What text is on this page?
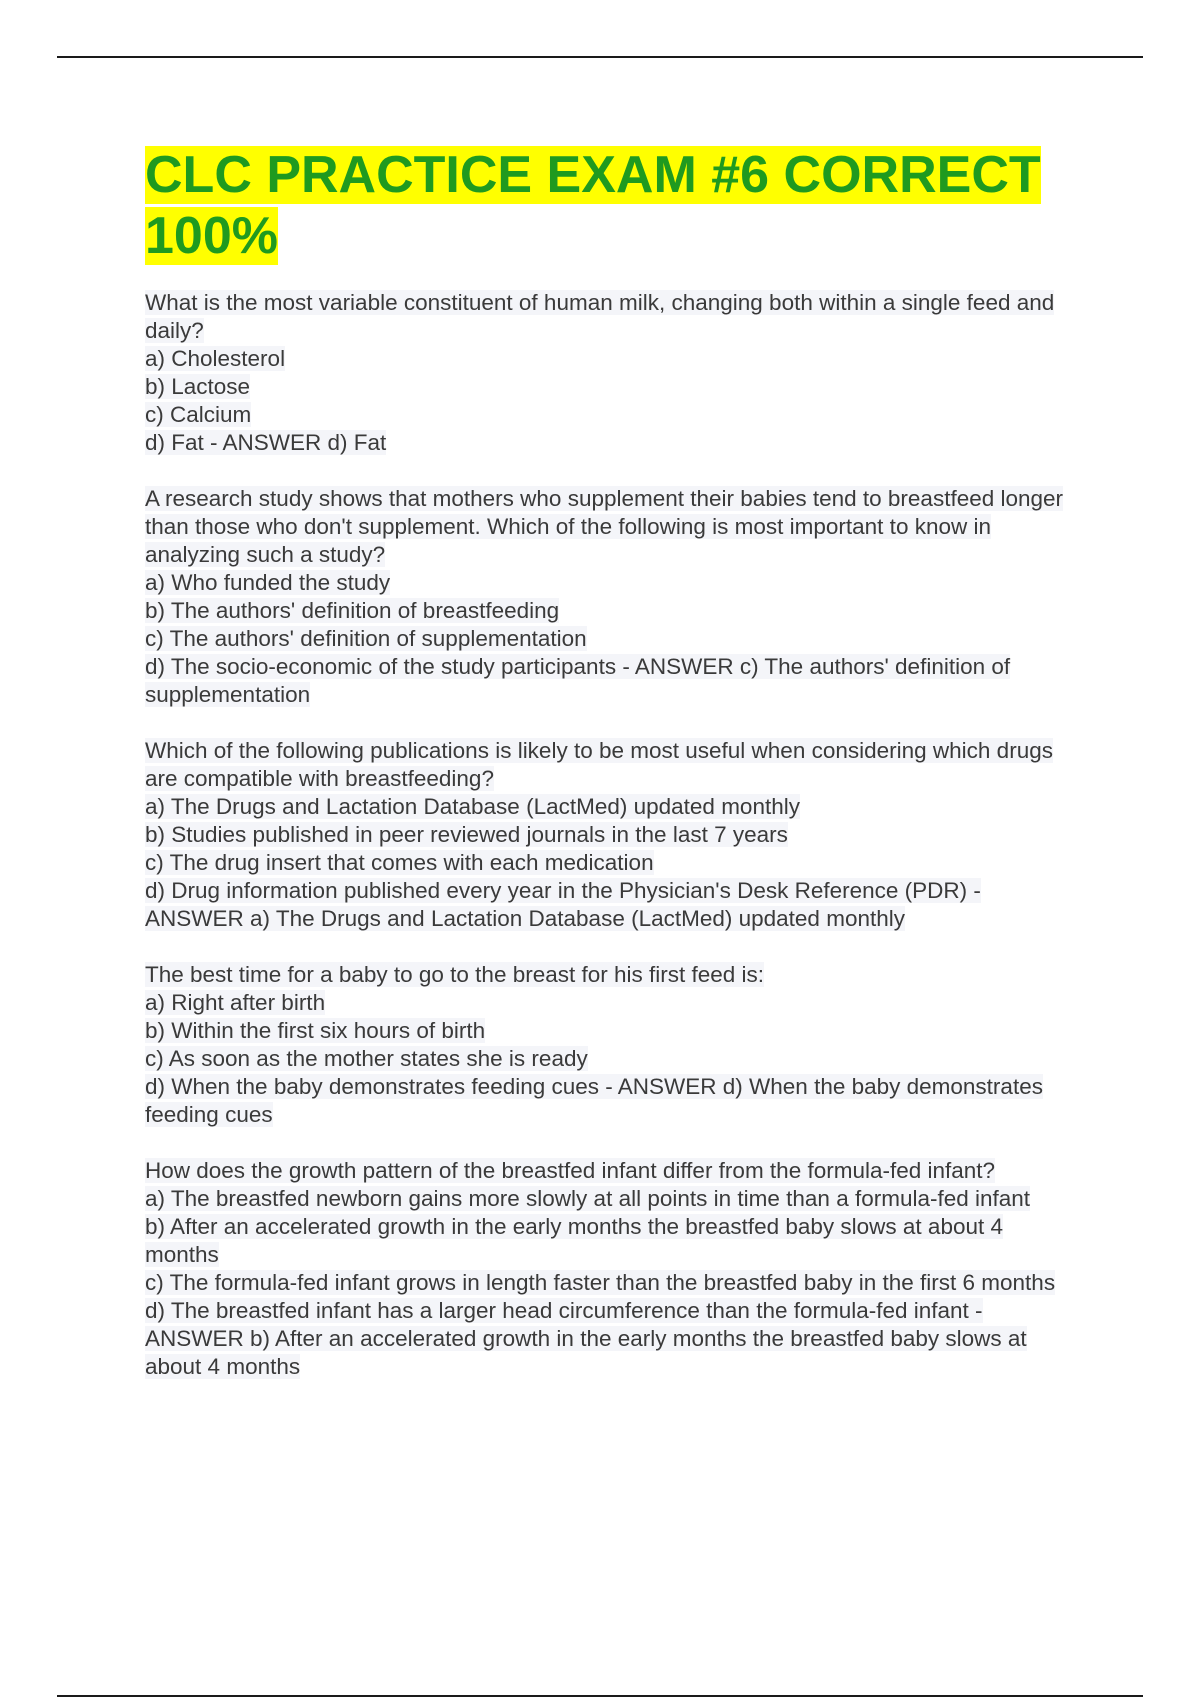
CLC PRACTICE EXAM #6 CORRECT 100%

What is the most variable constituent of human milk, changing both within a single feed and daily?

a) Cholesterol

b) Lactose

c) Calcium

d) Fat - ANSWER d) Fat

A research study shows that mothers who supplement their babies tend to breastfeed longer than those who don't supplement. Which of the following is most important to know in analyzing such a study?

a) Who funded the study

b) The authors' definition of breastfeeding

c) The authors' definition of supplementation

d) The socio-economic of the study participants - ANSWER c) The authors' definition of supplementation

Which of the following publications is likely to be most useful when considering which drugs are compatible with breastfeeding?

a) The Drugs and Lactation Database (LactMed) updated monthly

b) Studies published in peer reviewed journals in the last 7 years

c) The drug insert that comes with each medication

d) Drug information published every year in the Physician's Desk Reference (PDR) - ANSWER a) The Drugs and Lactation Database (LactMed) updated monthly

The best time for a baby to go to the breast for his first feed is:

a) Right after birth

b) Within the first six hours of birth

c) As soon as the mother states she is ready

d) When the baby demonstrates feeding cues - ANSWER d) When the baby demonstrates feeding cues

How does the growth pattern of the breastfed infant differ from the formula-fed infant?

a) The breastfed newborn gains more slowly at all points in time than a formula-fed infant

b) After an accelerated growth in the early months the breastfed baby slows at about 4 months

c) The formula-fed infant grows in length faster than the breastfed baby in the first 6 months

d) The breastfed infant has a larger head circumference than the formula-fed infant - ANSWER b) After an accelerated growth in the early months the breastfed baby slows at about 4 months
